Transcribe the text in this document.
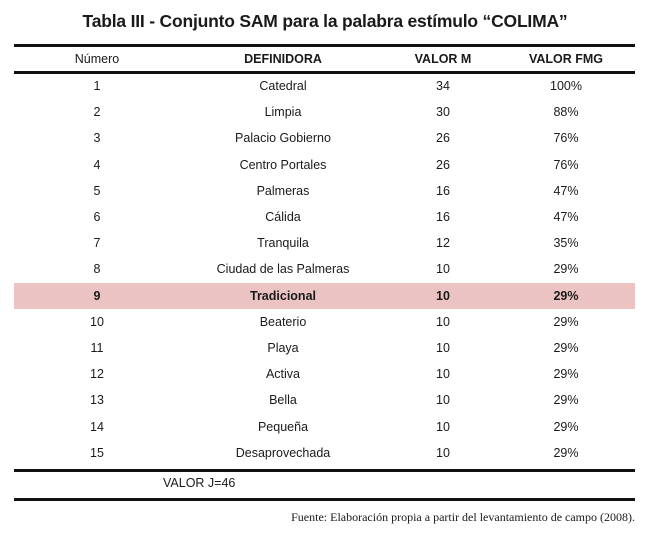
Tabla III - Conjunto SAM para la palabra estímulo “COLIMA”
Número	DEFINIDORA	VALOR M	VALOR FMG
1	Catedral	34	100%
2	Limpia	30	88%
3	Palacio Gobierno	26	76%
4	Centro Portales	26	76%
5	Palmeras	16	47%
6	Cálida	16	47%
7	Tranquila	12	35%
8	Ciudad de las Palmeras	10	29%
9	Tradicional	10	29%
10	Beaterio	10	29%
11	Playa	10	29%
12	Activa	10	29%
13	Bella	10	29%
14	Pequeña	10	29%
15	Desaprovechada	10	29%
VALOR J=46
Fuente: Elaboración propia a partir del levantamiento de campo (2008).
